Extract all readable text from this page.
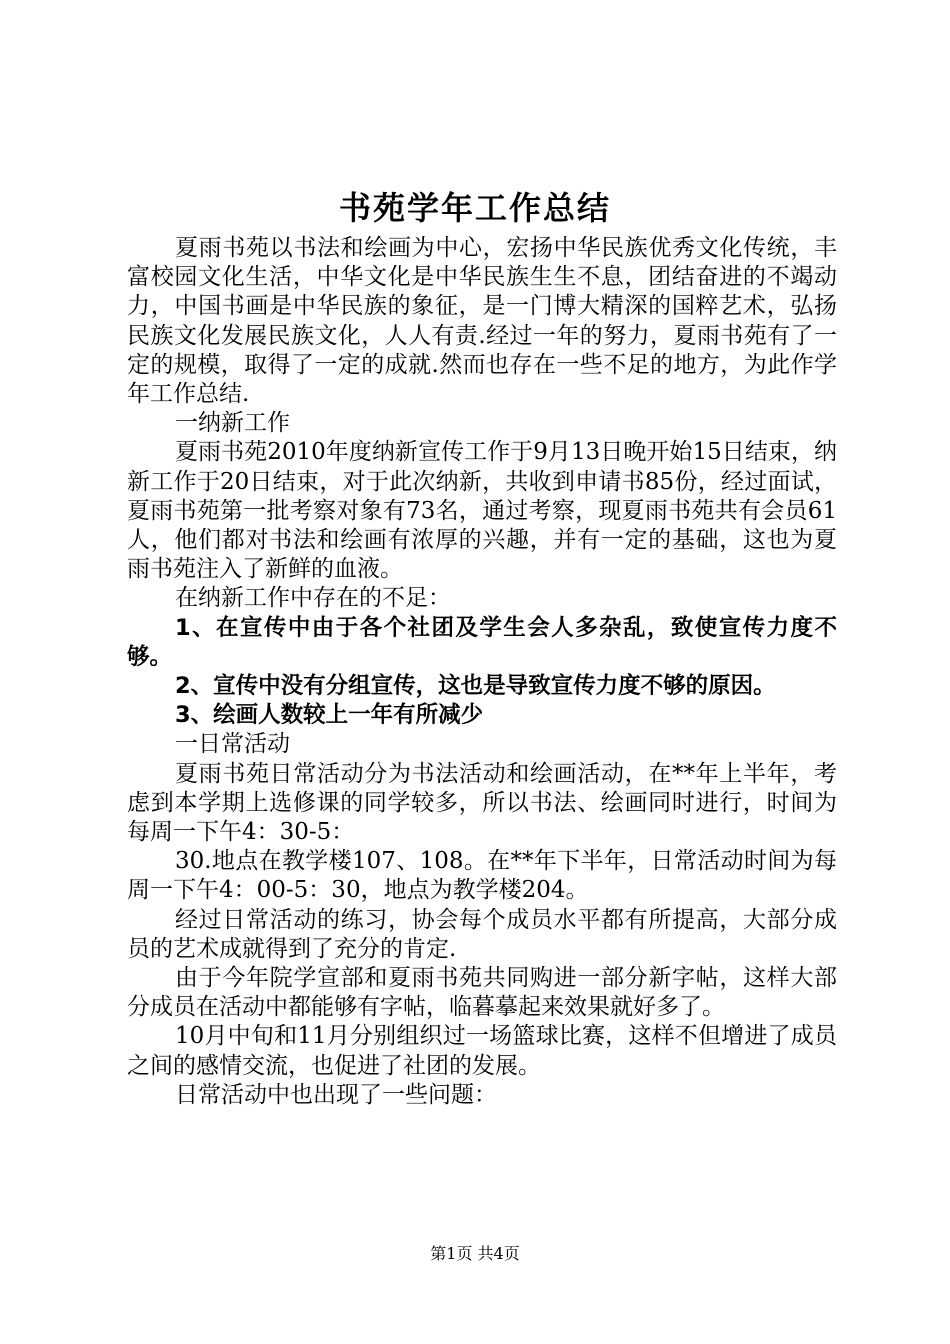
书苑学年工作总结

夏雨书苑以书法和绘画为中心，宏扬中华民族优秀文化传统，丰富校园文化生活，中华文化是中华民族生生不息，团结奋进的不竭动力，中国书画是中华民族的象征，是一门博大精深的国粹艺术，弘扬民族文化发展民族文化，人人有责.经过一年的努力，夏雨书苑有了一定的规模，取得了一定的成就.然而也存在一些不足的地方，为此作学年工作总结.

一纳新工作

夏雨书苑2010年度纳新宣传工作于9月13日晚开始15日结束，纳新工作于20日结束，对于此次纳新，共收到申请书85份，经过面试，夏雨书苑第一批考察对象有73名，通过考察，现夏雨书苑共有会员61人，他们都对书法和绘画有浓厚的兴趣，并有一定的基础，这也为夏雨书苑注入了新鲜的血液。

在纳新工作中存在的不足：

1、在宣传中由于各个社团及学生会人多杂乱，致使宣传力度不够。

2、宣传中没有分组宣传，这也是导致宣传力度不够的原因。

3、绘画人数较上一年有所减少

一日常活动

夏雨书苑日常活动分为书法活动和绘画活动，在**年上半年，考虑到本学期上选修课的同学较多，所以书法、绘画同时进行，时间为每周一下午4：30-5：

30.地点在教学楼107、108。在**年下半年，日常活动时间为每周一下午4：00-5：30，地点为教学楼204。

经过日常活动的练习，协会每个成员水平都有所提高，大部分成员的艺术成就得到了充分的肯定.

由于今年院学宣部和夏雨书苑共同购进一部分新字帖，这样大部分成员在活动中都能够有字帖，临暮摹起来效果就好多了。

10月中旬和11月分别组织过一场篮球比赛，这样不但增进了成员之间的感情交流，也促进了社团的发展。

日常活动中也出现了一些问题：

第1页 共4页
